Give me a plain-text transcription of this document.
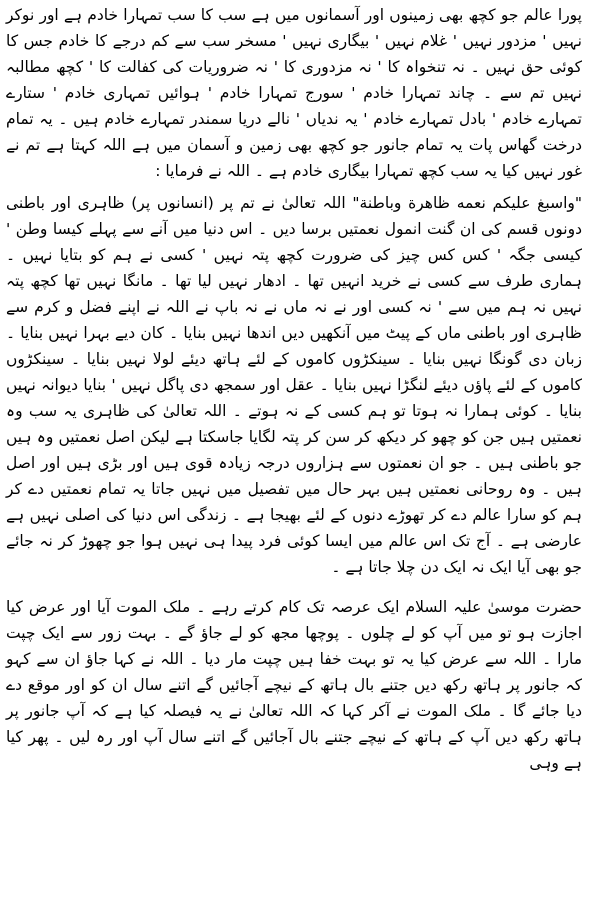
پورا عالم جو کچھ بھی زمینوں اور آسمانوں میں ہے سب کا سب تمہارا خادم ہے اور نوکر نہیں ' مزدور نہیں ' غلام نہیں ' بیگاری نہیں ' مسخر سب سے کم درجے کا خادم جس کا کوئی حق نہیں ۔ نہ تنخواہ کا ' نہ مزدوری کا ' نہ ضروریات کی کفالت کا ' کچھ مطالبہ نہیں تم سے ۔ چاند تمہارا خادم ' سورج تمہارا خادم ' ہوائیں تمہاری خادم ' ستارے تمہارے خادم ' بادل تمہارے خادم ' یہ ندیاں ' نالے دریا سمندر تمہارے خادم ہیں ۔ یہ تمام درخت گھاس پات یہ تمام جانور جو کچھ بھی زمین و آسمان میں ہے اللہ کہتا ہے تم نے غور نہیں کیا یہ سب کچھ تمہارا بیگاری خادم ہے ۔ اللہ نے فرمایا :

"واسبغ علیکم نعمه ظاهرة وباطنة" اللہ تعالیٰ نے تم پر (انسانوں پر) ظاہری اور باطنی دونوں قسم کی ان گنت انمول نعمتیں برسا دیں ۔ اس دنیا میں آنے سے پہلے کیسا وطن ' کیسی جگہ ' کس کس چیز کی ضرورت کچھ پتہ نہیں ' کسی نے ہم کو بتایا نہیں ۔ ہماری طرف سے کسی نے خرید انہیں تھا ۔ ادھار نہیں لیا تھا ۔ مانگا نہیں تھا کچھ پتہ نہیں نہ ہم میں سے ' نہ کسی اور نے نہ ماں نے نہ باپ نے اللہ نے اپنے فضل و کرم سے ظاہری اور باطنی ماں کے پیٹ میں آنکھیں دیں اندھا نہیں بنایا ۔ کان دیے بہرا نہیں بنایا ۔ زبان دی گونگا نہیں بنایا ۔ سینکڑوں کاموں کے لئے ہاتھ دیئے لولا نہیں بنایا ۔ سینکڑوں کاموں کے لئے پاؤں دیئے لنگڑا نہیں بنایا ۔ عقل اور سمجھ دی پاگل نہیں ' بنایا دیوانہ نہیں بنایا ۔ کوئی ہمارا نہ ہوتا تو ہم کسی کے نہ ہوتے ۔ اللہ تعالیٰ کی ظاہری یہ سب وہ نعمتیں ہیں جن کو چھو کر دیکھ کر سن کر پتہ لگایا جاسکتا ہے لیکن اصل نعمتیں وہ ہیں جو باطنی ہیں ۔ جو ان نعمتوں سے ہزاروں درجہ زیادہ قوی ہیں اور بڑی ہیں اور اصل ہیں ۔ وہ روحانی نعمتیں ہیں بہر حال میں تفصیل میں نہیں جاتا یہ تمام نعمتیں دے کر ہم کو سارا عالم دے کر تھوڑے دنوں کے لئے بھیجا ہے ۔ زندگی اس دنیا کی اصلی نہیں ہے عارضی ہے ۔ آج تک اس عالم میں ایسا کوئی فرد پیدا ہی نہیں ہوا جو چھوڑ کر نہ جائے جو بھی آیا ایک نہ ایک دن چلا جاتا ہے ۔

حضرت موسیٰ علیہ السلام ایک عرصہ تک کام کرتے رہے ۔ ملک الموت آیا اور عرض کیا اجازت ہو تو میں آپ کو لے چلوں ۔ پوچھا مجھ کو لے جاؤ گے ۔ بہت زور سے ایک چپت مارا ۔ اللہ سے عرض کیا یہ تو بہت خفا ہیں چپت مار دیا ۔ اللہ نے کہا جاؤ ان سے کہو کہ جانور پر ہاتھ رکھ دیں جتنے بال ہاتھ کے نیچے آجائیں گے اتنے سال ان کو اور موقع دے دیا جائے گا ۔ ملک الموت نے آکر کہا کہ اللہ تعالیٰ نے یہ فیصلہ کیا ہے کہ آپ جانور پر ہاتھ رکھ دیں آپ کے ہاتھ کے نیچے جتنے بال آجائیں گے اتنے سال آپ اور رہ لیں ۔ پھر کیا ہے وہی
